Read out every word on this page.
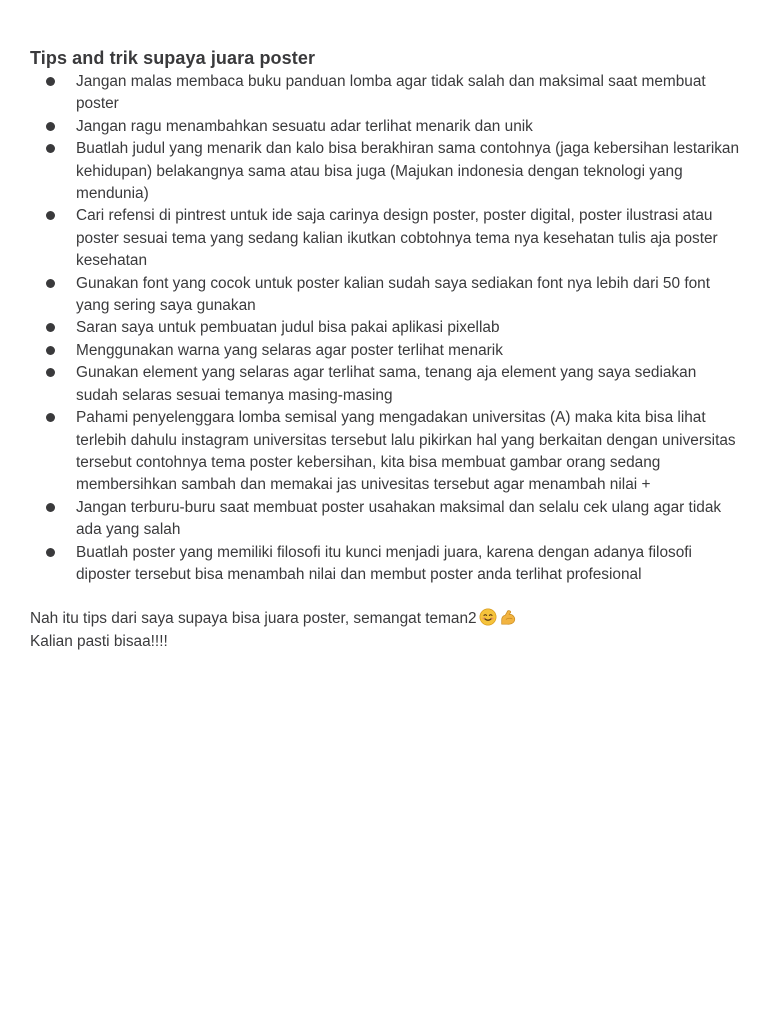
Tips and trik supaya juara poster
Jangan malas membaca buku panduan lomba agar tidak salah dan maksimal saat membuat poster
Jangan ragu menambahkan sesuatu adar terlihat menarik dan unik
Buatlah judul yang menarik dan kalo bisa berakhiran sama contohnya (jaga kebersihan lestarikan kehidupan) belakangnya sama atau bisa juga (Majukan indonesia dengan teknologi yang mendunia)
Cari refensi di pintrest untuk ide saja carinya design poster, poster digital, poster ilustrasi atau poster sesuai tema yang sedang kalian ikutkan cobtohnya tema nya kesehatan tulis aja poster kesehatan
Gunakan font yang cocok untuk poster kalian sudah saya sediakan font nya lebih dari 50 font yang sering saya gunakan
Saran saya untuk pembuatan judul bisa pakai aplikasi pixellab
Menggunakan warna yang selaras agar poster terlihat menarik
Gunakan element yang selaras agar terlihat sama, tenang aja element yang saya sediakan sudah selaras sesuai temanya masing-masing
Pahami penyelenggara lomba semisal yang mengadakan universitas (A) maka kita bisa lihat terlebih dahulu instagram universitas tersebut lalu pikirkan hal yang berkaitan dengan universitas tersebut contohnya tema poster kebersihan, kita bisa membuat gambar orang sedang membersihkan sambah dan memakai jas univesitas tersebut agar menambah nilai +
Jangan terburu-buru saat membuat poster usahakan maksimal dan selalu cek ulang agar tidak ada yang salah
Buatlah poster yang memiliki filosofi itu kunci menjadi juara, karena dengan adanya filosofi diposter tersebut bisa menambah nilai dan membut poster anda terlihat profesional
Nah itu tips dari saya supaya bisa juara poster, semangat teman2
Kalian pasti bisaa!!!!
